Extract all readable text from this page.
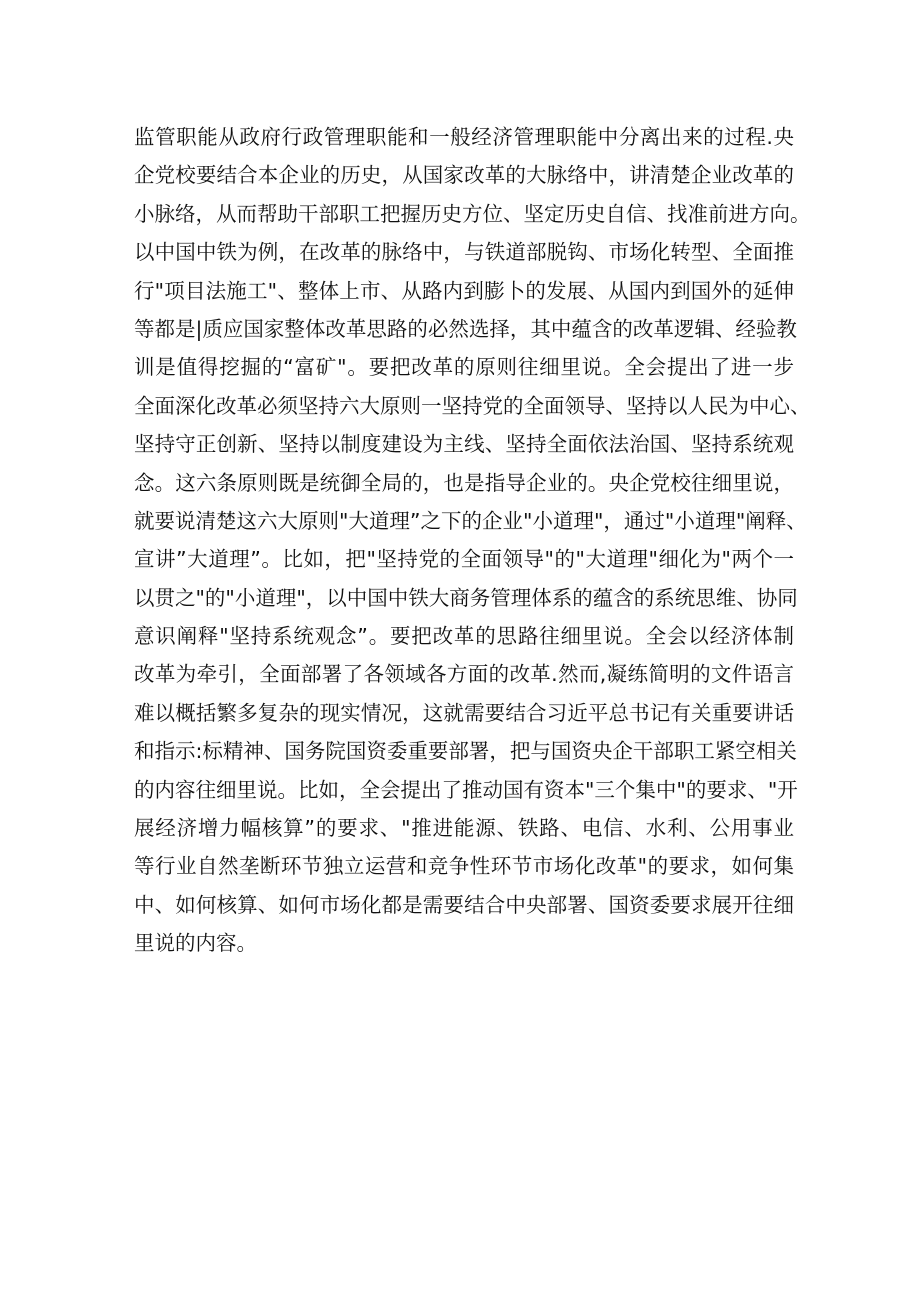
监管职能从政府行政管理职能和一般经济管理职能中分离出来的过程.央
企党校要结合本企业的历史，从国家改革的大脉络中，讲清楚企业改革的
小脉络，从而帮助干部职工把握历史方位、坚定历史自信、找准前进方向。
以中国中铁为例，在改革的脉络中，与铁道部脱钩、市场化转型、全面推
行"项目法施工"、整体上市、从路内到膨卜的发展、从国内到国外的延伸
等都是|质应国家整体改革思路的必然选择，其中蕴含的改革逻辑、经验教
训是值得挖掘的“富矿"。要把改革的原则往细里说。全会提出了进一步
全面深化改革必须坚持六大原则一坚持党的全面领导、坚持以人民为中心、
坚持守正创新、坚持以制度建设为主线、坚持全面依法治国、坚持系统观
念。这六条原则既是统御全局的，也是指导企业的。央企党校往细里说，
就要说清楚这六大原则"大道理”之下的企业"小道理"，通过"小道理"阐释、
宣讲”大道理”。比如，把"坚持党的全面领导"的"大道理"细化为"两个一
以贯之"的"小道理"，以中国中铁大商务管理体系的蕴含的系统思维、协同
意识阐释"坚持系统观念”。要把改革的思路往细里说。全会以经济体制
改革为牵引，全面部署了各领域各方面的改革.然而,凝练简明的文件语言
难以概括繁多复杂的现实情况，这就需要结合习近平总书记有关重要讲话
和指示:标精神、国务院国资委重要部署，把与国资央企干部职工紧空相关
的内容往细里说。比如，全会提出了推动国有资本"三个集中"的要求、"开
展经济增力幅核算”的要求、"推进能源、铁路、电信、水利、公用事业
等行业自然垄断环节独立运营和竞争性环节市场化改革"的要求，如何集
中、如何核算、如何市场化都是需要结合中央部署、国资委要求展开往细
里说的内容。
